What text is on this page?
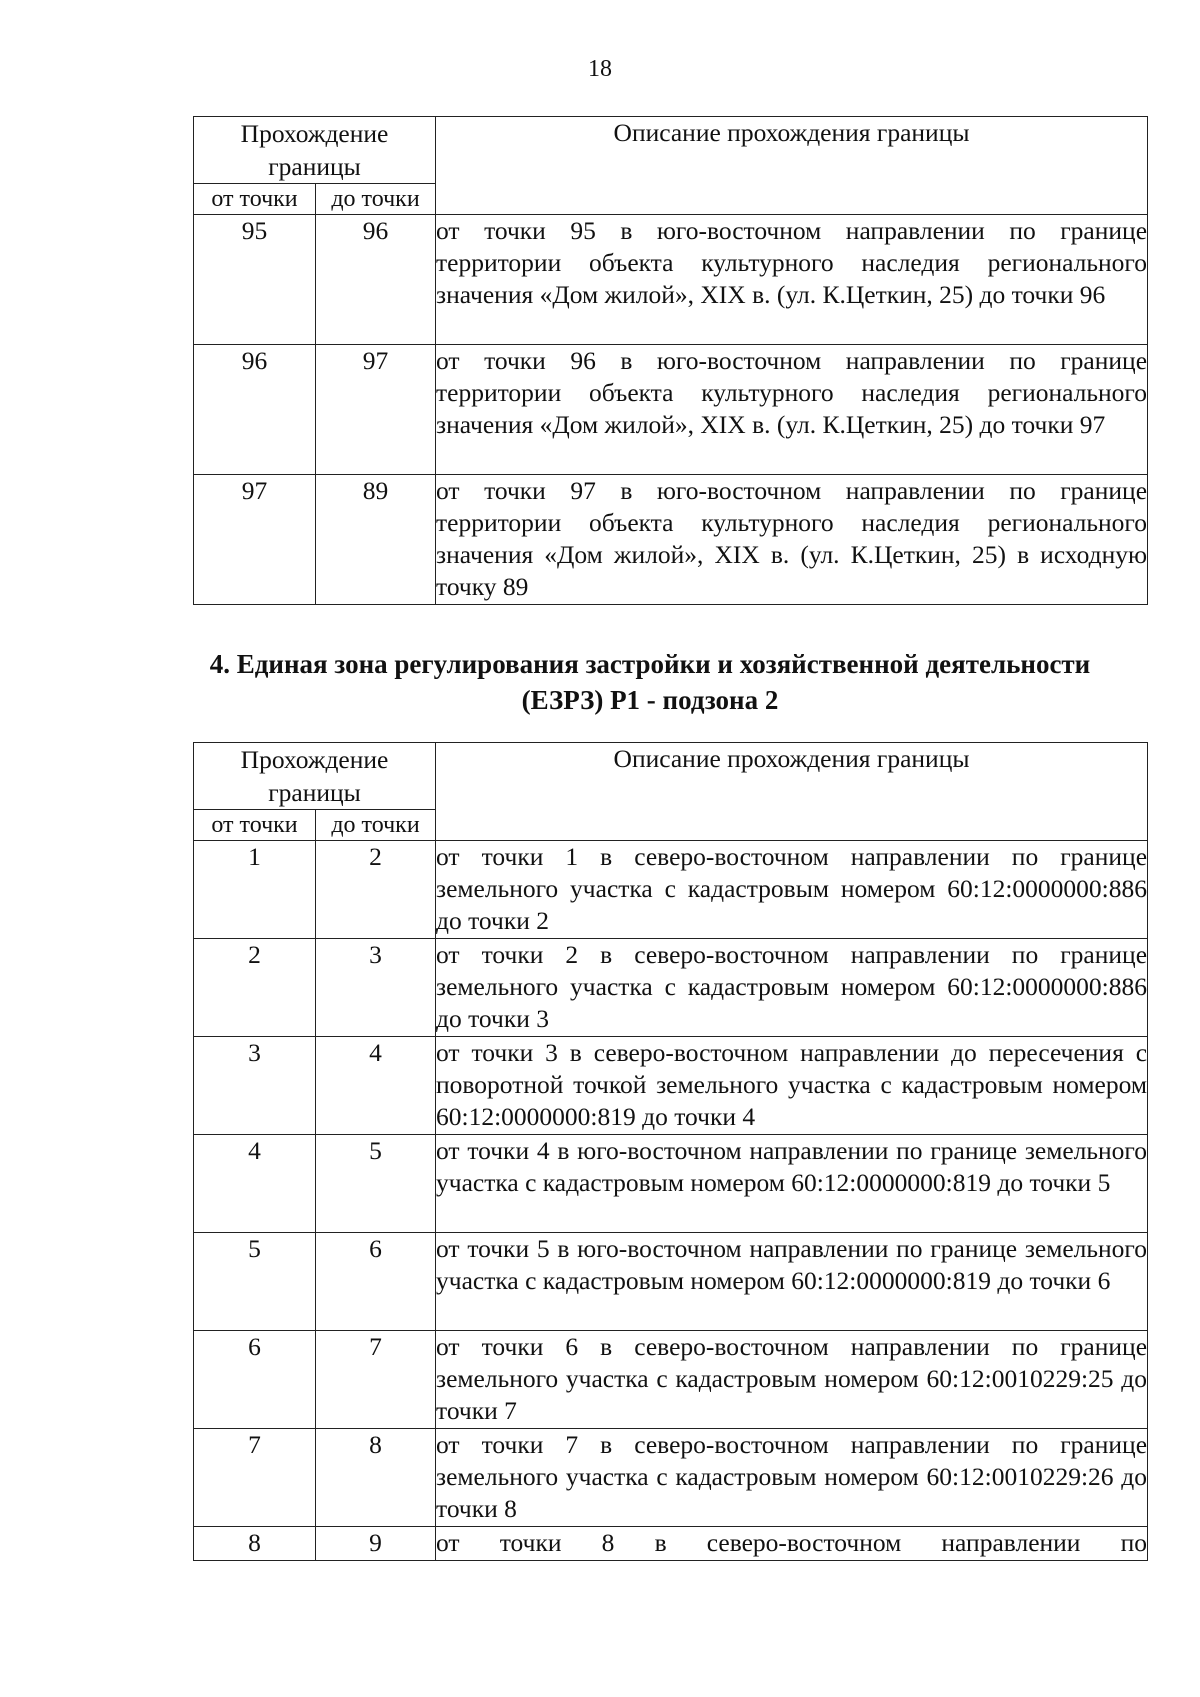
18
Прохождение границы		Описание прохождения границы
от точки	до точки	
95	96	от точки 95 в юго-восточном направлении по границе территории объекта культурного наследия регионального значения «Дом жилой», XIX в. (ул. К.Цеткин, 25) до точки 96
96	97	от точки 96 в юго-восточном направлении по границе территории объекта культурного наследия регионального значения «Дом жилой», XIX в. (ул. К.Цеткин, 25) до точки 97
97	89	от точки 97 в юго-восточном направлении по границе территории объекта культурного наследия регионального значения «Дом жилой», XIX в. (ул. К.Цеткин, 25) в исходную точку 89
4. Единая зона регулирования застройки и хозяйственной деятельности
(ЕЗРЗ) Р1 - подзона 2
Прохождение границы		Описание прохождения границы
от точки	до точки	
1	2	от точки 1 в северо-восточном направлении по границе земельного участка с кадастровым номером 60:12:0000000:886 до точки 2
2	3	от точки 2 в северо-восточном направлении по границе земельного участка с кадастровым номером 60:12:0000000:886 до точки 3
3	4	от точки 3 в северо-восточном направлении до пересечения с поворотной точкой земельного участка с кадастровым номером 60:12:0000000:819 до точки 4
4	5	от точки 4 в юго-восточном направлении по границе земельного участка с кадастровым номером 60:12:0000000:819 до точки 5
5	6	от точки 5 в юго-восточном направлении по границе земельного участка с кадастровым номером 60:12:0000000:819 до точки 6
6	7	от точки 6 в северо-восточном направлении по границе земельного участка с кадастровым номером 60:12:0010229:25 до точки 7
7	8	от точки 7 в северо-восточном направлении по границе земельного участка с кадастровым номером 60:12:0010229:26 до точки 8
8	9	от точки 8 в северо-восточном направлении по
